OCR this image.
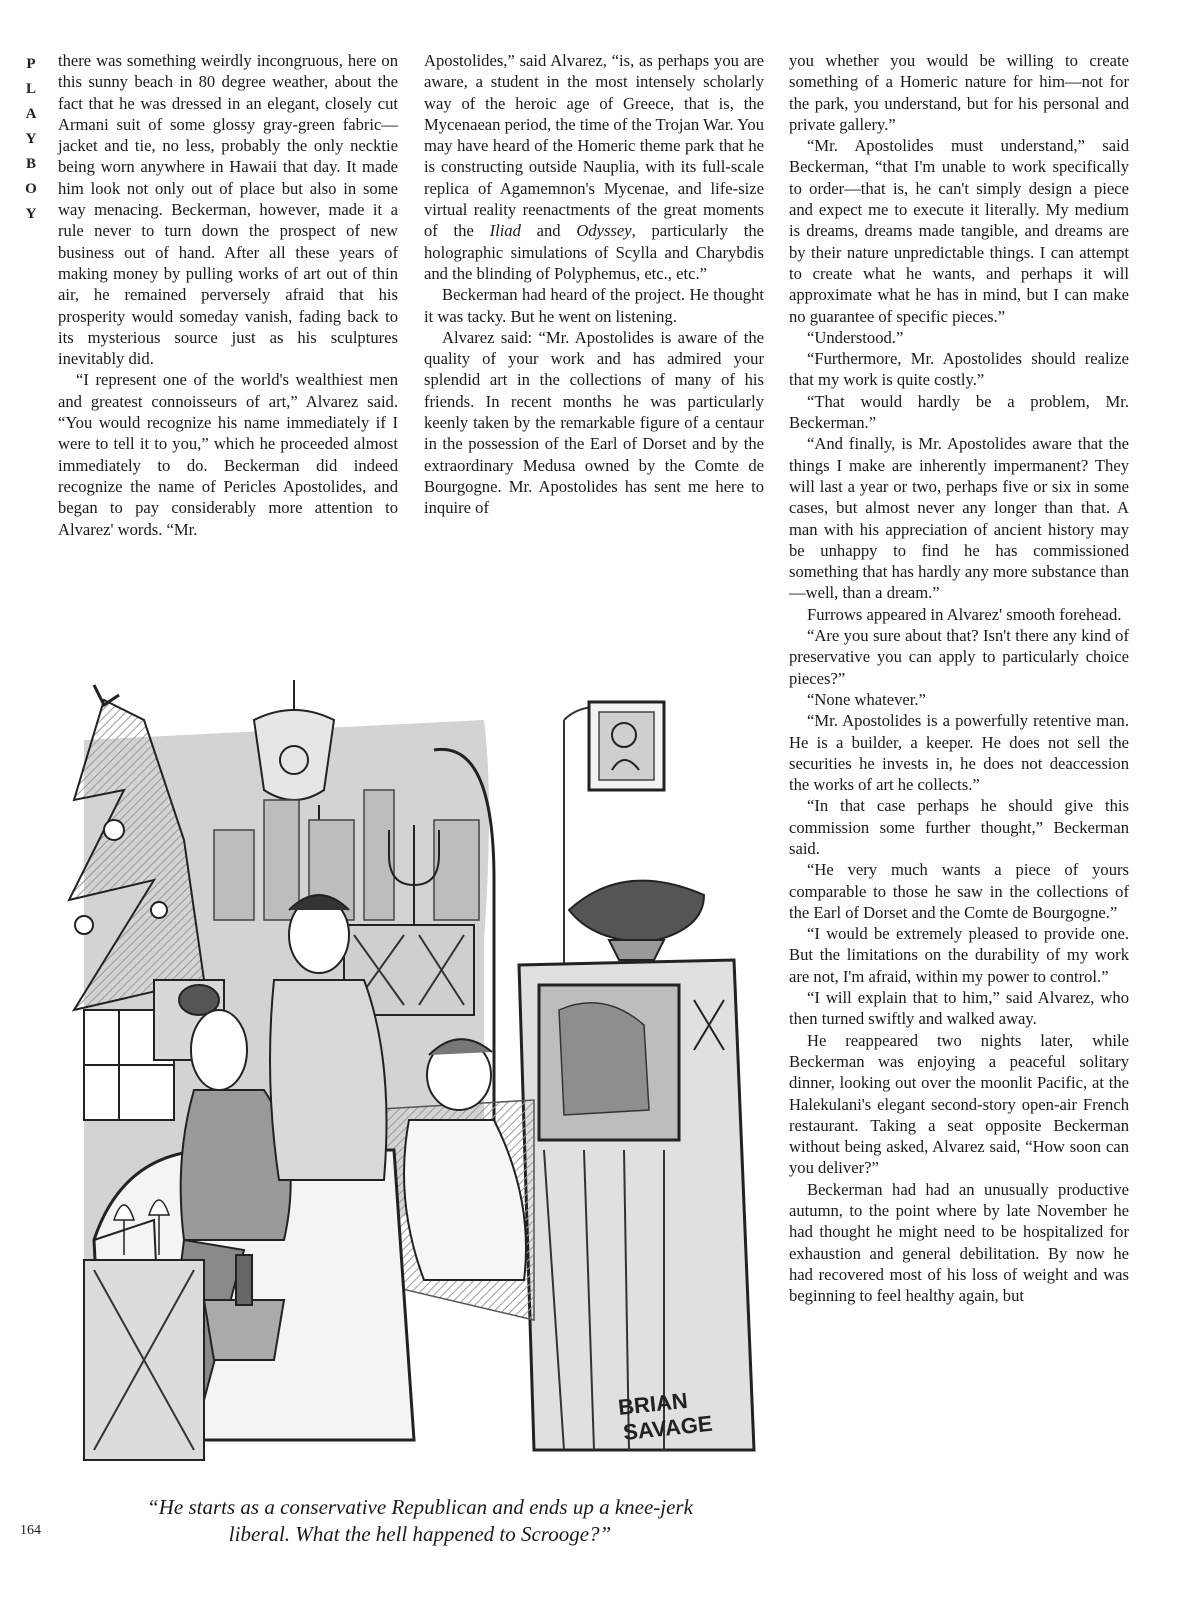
P
L
A
Y
B
O
Y

there was something weirdly incongruous, here on this sunny beach in 80 degree weather, about the fact that he was dressed in an elegant, closely cut Armani suit of some glossy gray-green fabric—jacket and tie, no less, probably the only necktie being worn anywhere in Hawaii that day. It made him look not only out of place but also in some way menacing. Beckerman, however, made it a rule never to turn down the prospect of new business out of hand. After all these years of making money by pulling works of art out of thin air, he remained perversely afraid that his prosperity would someday vanish, fading back to its mysterious source just as his sculptures inevitably did.

“I represent one of the world's wealthiest men and greatest connoisseurs of art,” Alvarez said. “You would recognize his name immediately if I were to tell it to you,” which he proceeded almost immediately to do. Beckerman did indeed recognize the name of Pericles Apostolides, and began to pay considerably more attention to Alvarez' words. “Mr.

Apostolides,” said Alvarez, “is, as perhaps you are aware, a student in the most intensely scholarly way of the heroic age of Greece, that is, the Mycenaean period, the time of the Trojan War. You may have heard of the Homeric theme park that he is constructing outside Nauplia, with its full-scale replica of Agamemnon's Mycenae, and life-size virtual reality reenactments of the great moments of the Iliad and Odyssey, particularly the holographic simulations of Scylla and Charybdis and the blinding of Polyphemus, etc., etc.”

Beckerman had heard of the project. He thought it was tacky. But he went on listening.

Alvarez said: “Mr. Apostolides is aware of the quality of your work and has admired your splendid art in the collections of many of his friends. In recent months he was particularly keenly taken by the remarkable figure of a centaur in the possession of the Earl of Dorset and by the extraordinary Medusa owned by the Comte de Bourgogne. Mr. Apostolides has sent me here to inquire of

you whether you would be willing to create something of a Homeric nature for him—not for the park, you understand, but for his personal and private gallery.”

“Mr. Apostolides must understand,” said Beckerman, “that I'm unable to work specifically to order—that is, he can't simply design a piece and expect me to execute it literally. My medium is dreams, dreams made tangible, and dreams are by their nature unpredictable things. I can attempt to create what he wants, and perhaps it will approximate what he has in mind, but I can make no guarantee of specific pieces.”

“Understood.”

“Furthermore, Mr. Apostolides should realize that my work is quite costly.”

“That would hardly be a problem, Mr. Beckerman.”

“And finally, is Mr. Apostolides aware that the things I make are inherently impermanent? They will last a year or two, perhaps five or six in some cases, but almost never any longer than that. A man with his appreciation of ancient history may be unhappy to find he has commissioned something that has hardly any more substance than—well, than a dream.”

Furrows appeared in Alvarez' smooth forehead.

“Are you sure about that? Isn't there any kind of preservative you can apply to particularly choice pieces?”

“None whatever.”

“Mr. Apostolides is a powerfully retentive man. He is a builder, a keeper. He does not sell the securities he invests in, he does not deaccession the works of art he collects.”

“In that case perhaps he should give this commission some further thought,” Beckerman said.

“He very much wants a piece of yours comparable to those he saw in the collections of the Earl of Dorset and the Comte de Bourgogne.”

“I would be extremely pleased to provide one. But the limitations on the durability of my work are not, I'm afraid, within my power to control.”

“I will explain that to him,” said Alvarez, who then turned swiftly and walked away.

He reappeared two nights later, while Beckerman was enjoying a peaceful solitary dinner, looking out over the moonlit Pacific, at the Halekulani's elegant second-story open-air French restaurant. Taking a seat opposite Beckerman without being asked, Alvarez said, “How soon can you deliver?”

Beckerman had had an unusually productive autumn, to the point where by late November he had thought he might need to be hospitalized for exhaustion and general debilitation. By now he had recovered most of his loss of weight and was beginning to feel healthy again, but

BRIAN
SAVAGE
“He starts as a conservative Republican and ends up a knee-jerk
liberal. What the hell happened to Scrooge?”
164
